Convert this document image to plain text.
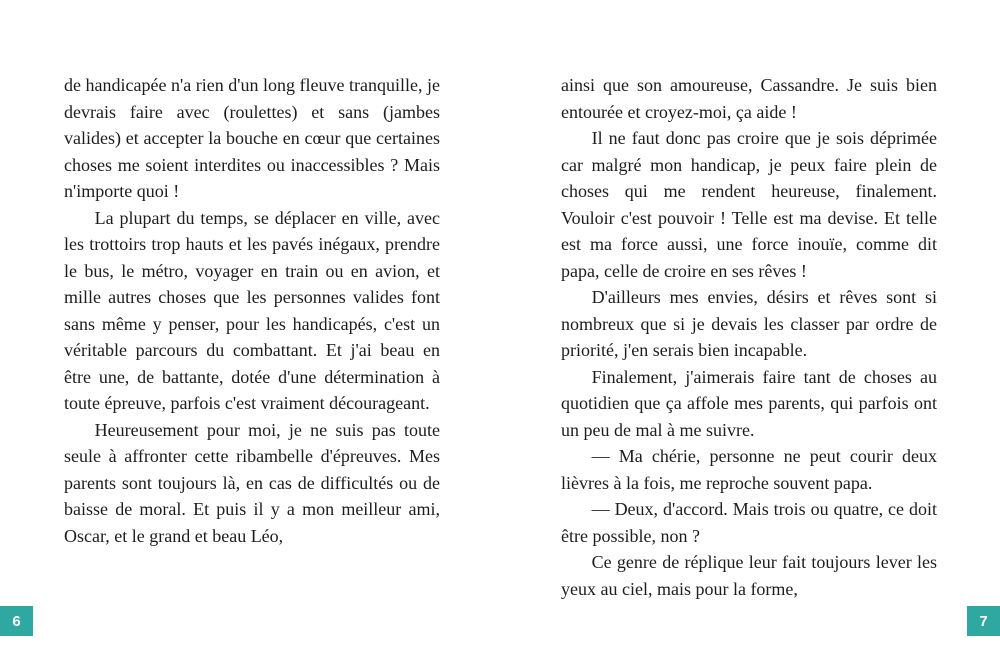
de handicapée n'a rien d'un long fleuve tranquille, je devrais faire avec (roulettes) et sans (jambes valides) et accepter la bouche en cœur que certaines choses me soient interdites ou inaccessibles ? Mais n'importe quoi !

La plupart du temps, se déplacer en ville, avec les trottoirs trop hauts et les pavés inégaux, prendre le bus, le métro, voyager en train ou en avion, et mille autres choses que les personnes valides font sans même y penser, pour les handicapés, c'est un véritable parcours du combattant. Et j'ai beau en être une, de battante, dotée d'une détermination à toute épreuve, parfois c'est vraiment décourageant.

Heureusement pour moi, je ne suis pas toute seule à affronter cette ribambelle d'épreuves. Mes parents sont toujours là, en cas de difficultés ou de baisse de moral. Et puis il y a mon meilleur ami, Oscar, et le grand et beau Léo,

6

ainsi que son amoureuse, Cassandre. Je suis bien entourée et croyez-moi, ça aide !

Il ne faut donc pas croire que je sois déprimée car malgré mon handicap, je peux faire plein de choses qui me rendent heureuse, finalement. Vouloir c'est pouvoir ! Telle est ma devise. Et telle est ma force aussi, une force inouïe, comme dit papa, celle de croire en ses rêves !

D'ailleurs mes envies, désirs et rêves sont si nombreux que si je devais les classer par ordre de priorité, j'en serais bien incapable.

Finalement, j'aimerais faire tant de choses au quotidien que ça affole mes parents, qui parfois ont un peu de mal à me suivre.

— Ma chérie, personne ne peut courir deux lièvres à la fois, me reproche souvent papa.

— Deux, d'accord. Mais trois ou quatre, ce doit être possible, non ?

Ce genre de réplique leur fait toujours lever les yeux au ciel, mais pour la forme,

7
